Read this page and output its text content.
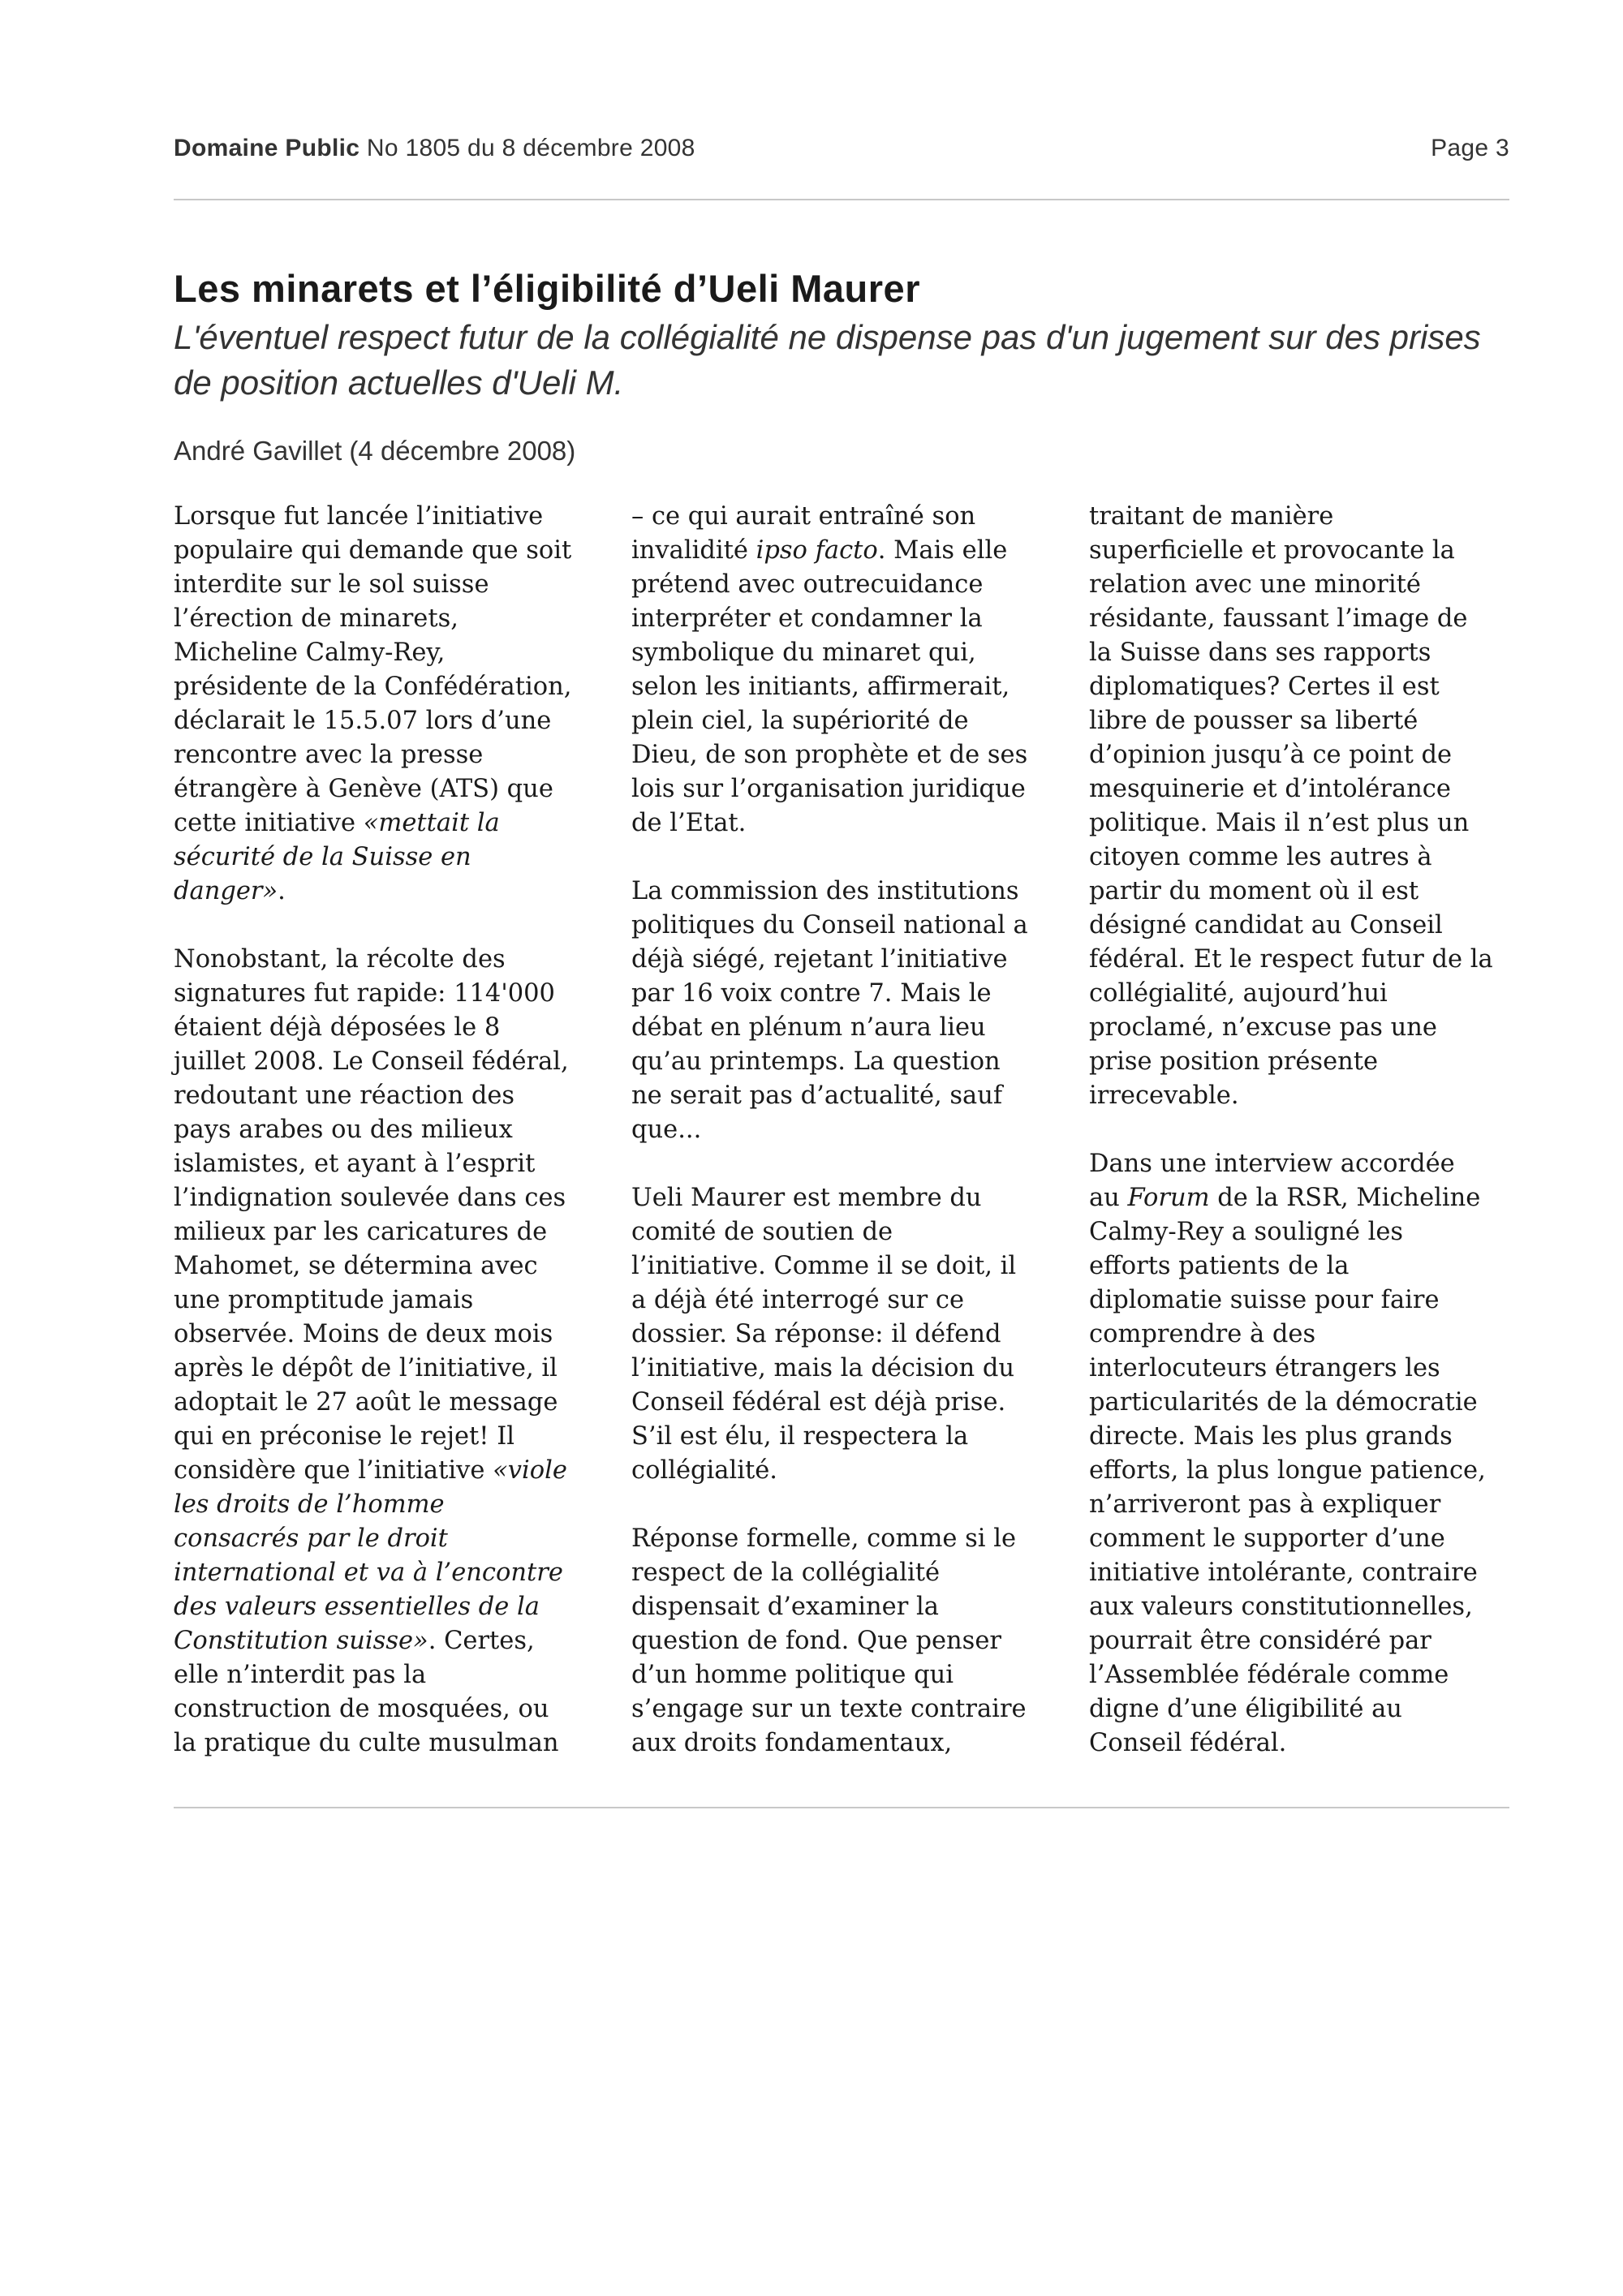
Domaine Public No 1805 du 8 décembre 2008	Page 3
Les minarets et l’éligibilité d’Ueli Maurer

L'éventuel respect futur de la collégialité ne dispense pas d'un jugement sur des prises de position actuelles d'Ueli M.

André Gavillet (4 décembre 2008)

Lorsque fut lancée l’initiative
populaire qui demande que soit
interdite sur le sol suisse
l’érection de minarets,
Micheline Calmy-Rey,
présidente de la Confédération,
déclarait le 15.5.07 lors d’une
rencontre avec la presse
étrangère à Genève (ATS) que
cette initiative «mettait la
sécurité de la Suisse en
danger».

Nonobstant, la récolte des
signatures fut rapide: 114'000
étaient déjà déposées le 8
juillet 2008. Le Conseil fédéral,
redoutant une réaction des
pays arabes ou des milieux
islamistes, et ayant à l’esprit
l’indignation soulevée dans ces
milieux par les caricatures de
Mahomet, se détermina avec
une promptitude jamais
observée. Moins de deux mois
après le dépôt de l’initiative, il
adoptait le 27 août le message
qui en préconise le rejet! Il
considère que l’initiative «viole
les droits de l’homme
consacrés par le droit
international et va à l’encontre
des valeurs essentielles de la
Constitution suisse». Certes,
elle n’interdit pas la
construction de mosquées, ou
la pratique du culte musulman

– ce qui aurait entraîné son
invalidité ipso facto. Mais elle
prétend avec outrecuidance
interpréter et condamner la
symbolique du minaret qui,
selon les initiants, affirmerait,
plein ciel, la supériorité de
Dieu, de son prophète et de ses
lois sur l’organisation juridique
de l’Etat.

La commission des institutions
politiques du Conseil national a
déjà siégé, rejetant l’initiative
par 16 voix contre 7. Mais le
débat en plénum n’aura lieu
qu’au printemps. La question
ne serait pas d’actualité, sauf
que...

Ueli Maurer est membre du
comité de soutien de
l’initiative. Comme il se doit, il
a déjà été interrogé sur ce
dossier. Sa réponse: il défend
l’initiative, mais la décision du
Conseil fédéral est déjà prise.
S’il est élu, il respectera la
collégialité.

Réponse formelle, comme si le
respect de la collégialité
dispensait d’examiner la
question de fond. Que penser
d’un homme politique qui
s’engage sur un texte contraire
aux droits fondamentaux,

traitant de manière
superficielle et provocante la
relation avec une minorité
résidante, faussant l’image de
la Suisse dans ses rapports
diplomatiques? Certes il est
libre de pousser sa liberté
d’opinion jusqu’à ce point de
mesquinerie et d’intolérance
politique. Mais il n’est plus un
citoyen comme les autres à
partir du moment où il est
désigné candidat au Conseil
fédéral. Et le respect futur de la
collégialité, aujourd’hui
proclamé, n’excuse pas une
prise position présente
irrecevable.

Dans une interview accordée
au Forum de la RSR, Micheline
Calmy-Rey a souligné les
efforts patients de la
diplomatie suisse pour faire
comprendre à des
interlocuteurs étrangers les
particularités de la démocratie
directe. Mais les plus grands
efforts, la plus longue patience,
n’arriveront pas à expliquer
comment le supporter d’une
initiative intolérante, contraire
aux valeurs constitutionnelles,
pourrait être considéré par
l’Assemblée fédérale comme
digne d’une éligibilité au
Conseil fédéral.
